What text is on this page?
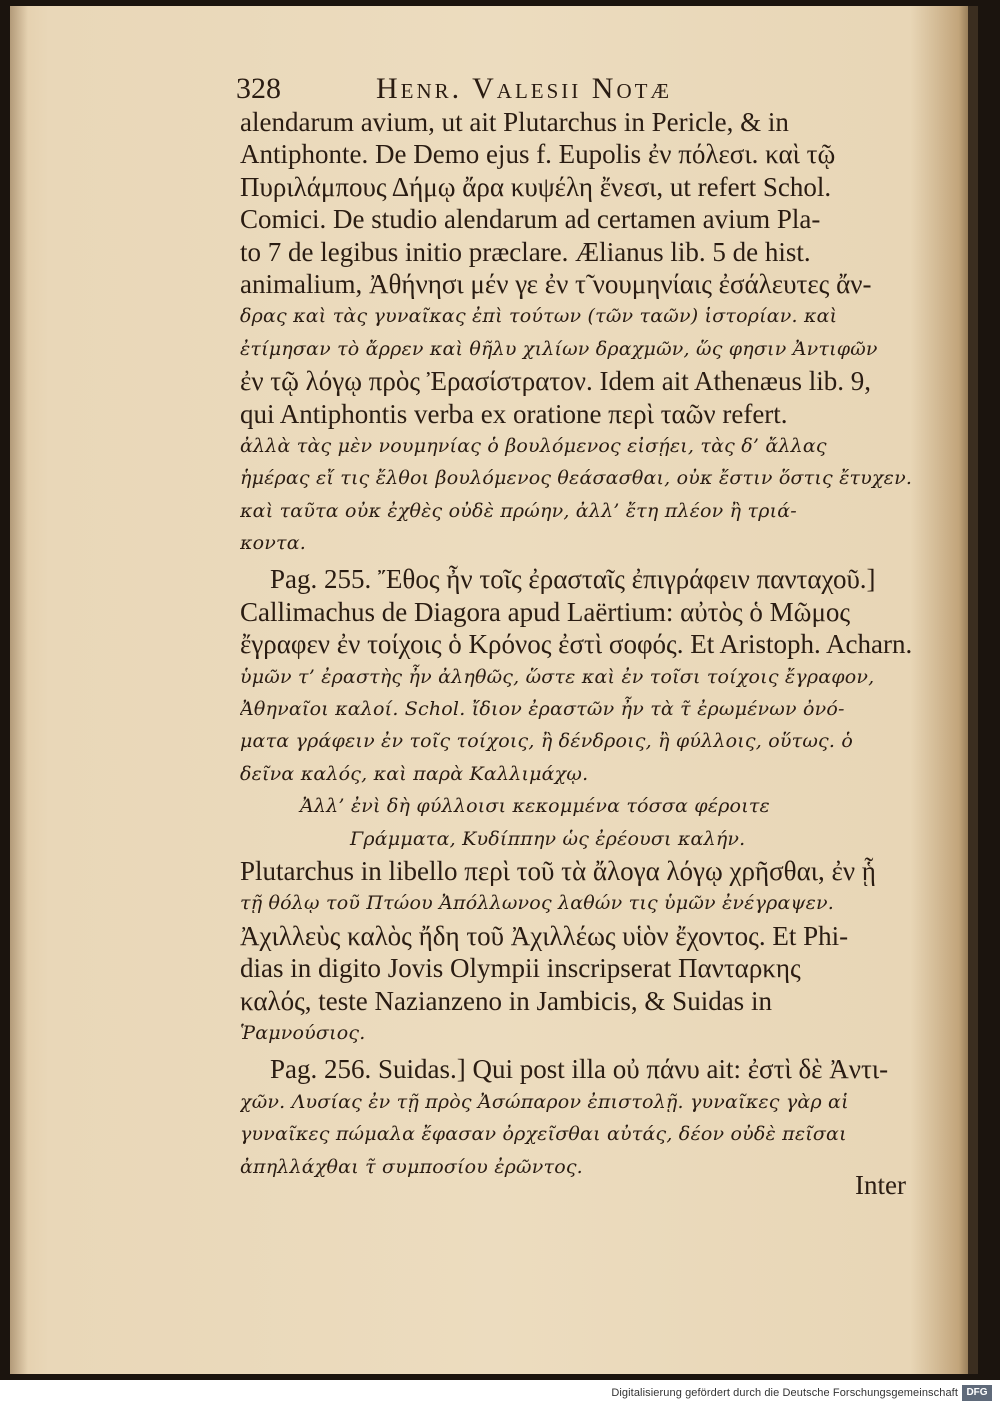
328	Henr. Valesii Notæ
alendarum avium, ut ait Plutarchus in Pericle, & in
Antiphonte. De Demo ejus f. Eupolis ἐν πόλεσι. καὶ τῷ
Πυριλάμπους Δήμῳ ἄρα κυψέλη ἔνεσι, ut refert Schol.
Comici. De studio alendarum ad certamen avium Pla-
to 7 de legibus initio præclare. Ælianus lib. 5 de hist.
animalium, Ἀθήνησι μέν γε ἐν τ̃ νουμηνίαις ἐσάλευτες ἄν-
δρας καὶ τὰς γυναῖκας ἐπὶ τούτων (τῶν ταῶν) ἱστορίαν. καὶ
ἐτίμησαν τὸ ἄρρεν καὶ θῆλυ χιλίων δραχμῶν, ὥς φησιν Ἀντιφῶν
ἐν τῷ λόγῳ πρὸς Ἐρασίστρατον. Idem ait Athenæus lib. 9,
qui Antiphontis verba ex oratione περὶ ταῶν refert.
ἀλλὰ τὰς μὲν νουμηνίας ὁ βουλόμενος εἰσῄει, τὰς δ’ ἄλλας
ἡμέρας εἴ τις ἔλθοι βουλόμενος θεάσασθαι, οὐκ ἔστιν ὅστις ἔτυχεν.
καὶ ταῦτα οὐκ ἐχθὲς οὐδὲ πρώην, ἀλλ’ ἔτη πλέον ἢ τριά-
κοντα.
Pag. 255. Ἔθος ἦν τοῖς ἐρασταῖς ἐπιγράφειν πανταχοῦ.]
Callimachus de Diagora apud Laërtium: αὐτὸς ὁ Μῶμος
ἔγραφεν ἐν τοίχοις ὁ Κρόνος ἐστὶ σοφός. Et Aristoph. Acharn.
ὑμῶν τ’ ἐραστὴς ἦν ἀληθῶς, ὥστε καὶ ἐν τοῖσι τοίχοις ἔγραφον,
Ἀθηναῖοι καλοί. Schol. ἴδιον ἐραστῶν ἦν τὰ τ̃ ἐρωμένων ὀνό-
ματα γράφειν ἐν τοῖς τοίχοις, ἢ δένδροις, ἢ φύλλοις, οὕτως. ὁ
δεῖνα καλός, καὶ παρὰ Καλλιμάχῳ.
Ἀλλ’ ἐνὶ δὴ φύλλοισι κεκομμένα τόσσα φέροιτε
Γράμματα, Κυδίππην ὡς ἐρέουσι καλήν.
Plutarchus in libello περὶ τοῦ τὰ ἄλογα λόγῳ χρῆσθαι, ἐν ᾗ
τῇ θόλῳ τοῦ Πτώου Ἀπόλλωνος λαθών τις ὑμῶν ἐνέγραψεν.
Ἀχιλλεὺς καλὸς ἤδη τοῦ Ἀχιλλέως υἱὸν ἔχοντος. Et Phi-
dias in digito Jovis Olympii inscripserat Πανταρκης
καλός, teste Nazianzeno in Jambicis, & Suidas in
Ῥαμνούσιος.
Pag. 256. Suidas.] Qui post illa οὐ πάνυ ait: ἐστὶ δὲ Ἀντι-
χῶν. Λυσίας ἐν τῇ πρὸς Ἀσώπαρον ἐπιστολῇ. γυναῖκες γὰρ αἱ
γυναῖκες πώμαλα ἔφασαν ὀρχεῖσθαι αὐτάς, δέον οὐδὲ πεῖσαι
ἀπηλλάχθαι τ̃ συμποσίου ἐρῶντος.
Inter
Digitalisierung gefördert durch die Deutsche Forschungsgemeinschaft DFG
